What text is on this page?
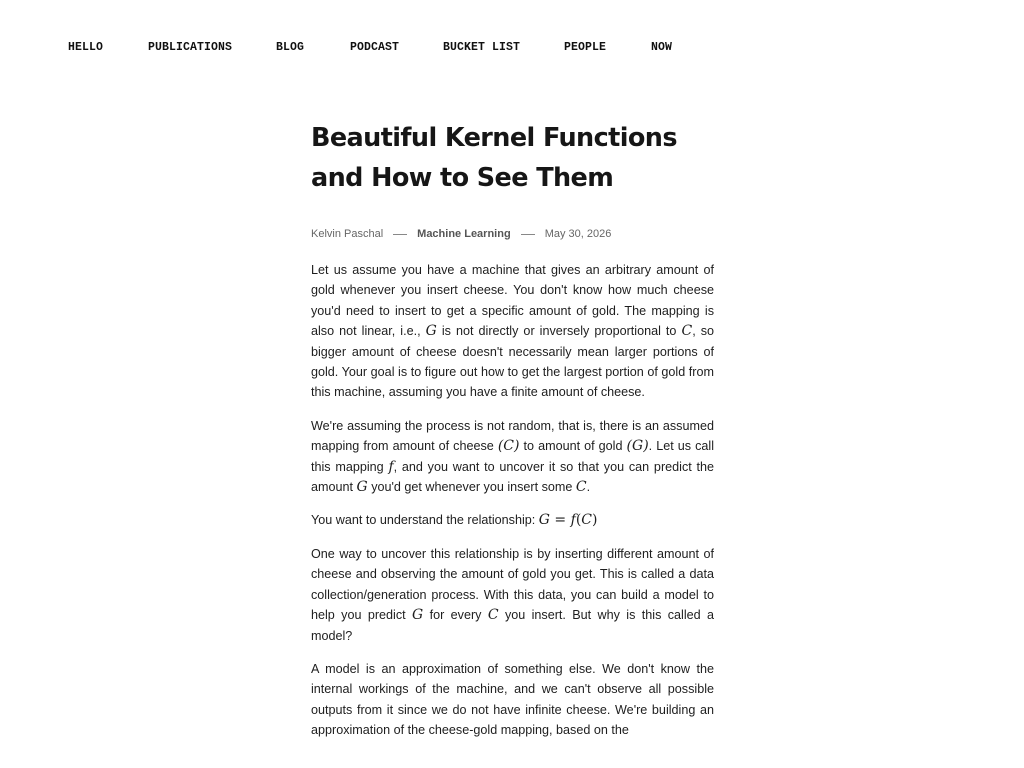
HELLO	PUBLICATIONS	BLOG	PODCAST	BUCKET LIST	PEOPLE	NOW
Beautiful Kernel Functions
and How to See Them
Kelvin Paschal	Machine Learning	May 30, 2026

Let us assume you have a machine that gives an arbitrary amount of gold whenever you insert cheese. You don't know how much cheese you'd need to insert to get a specific amount of gold. The mapping is also not linear, i.e., G is not directly or inversely proportional to C, so bigger amount of cheese doesn't necessarily mean larger portions of gold. Your goal is to figure out how to get the largest portion of gold from this machine, assuming you have a finite amount of cheese.

We're assuming the process is not random, that is, there is an assumed mapping from amount of cheese (C) to amount of gold (G). Let us call this mapping f, and you want to uncover it so that you can predict the amount G you'd get whenever you insert some C.

You want to understand the relationship: G = f(C)

One way to uncover this relationship is by inserting different amount of cheese and observing the amount of gold you get. This is called a data collection/generation process. With this data, you can build a model to help you predict G for every C you insert. But why is this called a model?

A model is an approximation of something else. We don't know the internal workings of the machine, and we can't observe all possible outputs from it since we do not have infinite cheese. We're building an approximation of the cheese-gold mapping, based on the
